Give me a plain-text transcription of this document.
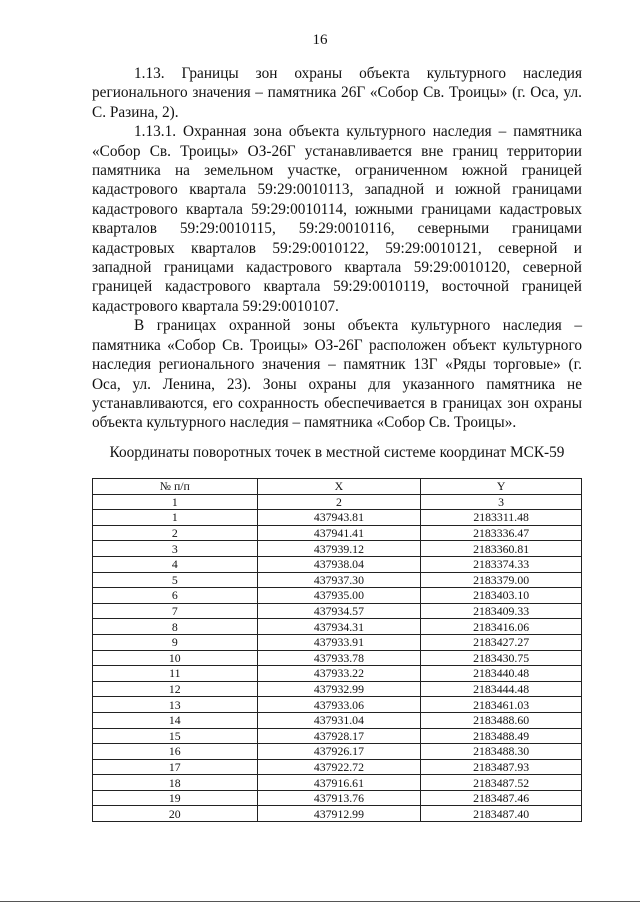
16

1.13. Границы зон охраны объекта культурного наследия регионального значения – памятника 26Г «Собор Св. Троицы» (г. Оса, ул. С. Разина, 2).

1.13.1. Охранная зона объекта культурного наследия – памятника «Собор Св. Троицы» ОЗ-26Г устанавливается вне границ территории памятника на земельном участке, ограниченном южной границей кадастрового квартала 59:29:0010113, западной и южной границами кадастрового квартала 59:29:0010114, южными границами кадастровых кварталов 59:29:0010115, 59:29:0010116, северными границами кадастровых кварталов 59:29:0010122, 59:29:0010121, северной и западной границами кадастрового квартала 59:29:0010120, северной границей кадастрового квартала 59:29:0010119, восточной границей кадастрового квартала 59:29:0010107.

В границах охранной зоны объекта культурного наследия – памятника «Собор Св. Троицы» ОЗ-26Г расположен объект культурного наследия регионального значения – памятник 13Г «Ряды торговые» (г. Оса, ул. Ленина, 23). Зоны охраны для указанного памятника не устанавливаются, его сохранность обеспечивается в границах зон охраны объекта культурного наследия – памятника «Собор Св. Троицы».

Координаты поворотных точек в местной системе координат МСК-59
№ п/п	X	Y
1	2	3
1	437943.81	2183311.48
2	437941.41	2183336.47
3	437939.12	2183360.81
4	437938.04	2183374.33
5	437937.30	2183379.00
6	437935.00	2183403.10
7	437934.57	2183409.33
8	437934.31	2183416.06
9	437933.91	2183427.27
10	437933.78	2183430.75
11	437933.22	2183440.48
12	437932.99	2183444.48
13	437933.06	2183461.03
14	437931.04	2183488.60
15	437928.17	2183488.49
16	437926.17	2183488.30
17	437922.72	2183487.93
18	437916.61	2183487.52
19	437913.76	2183487.46
20	437912.99	2183487.40
